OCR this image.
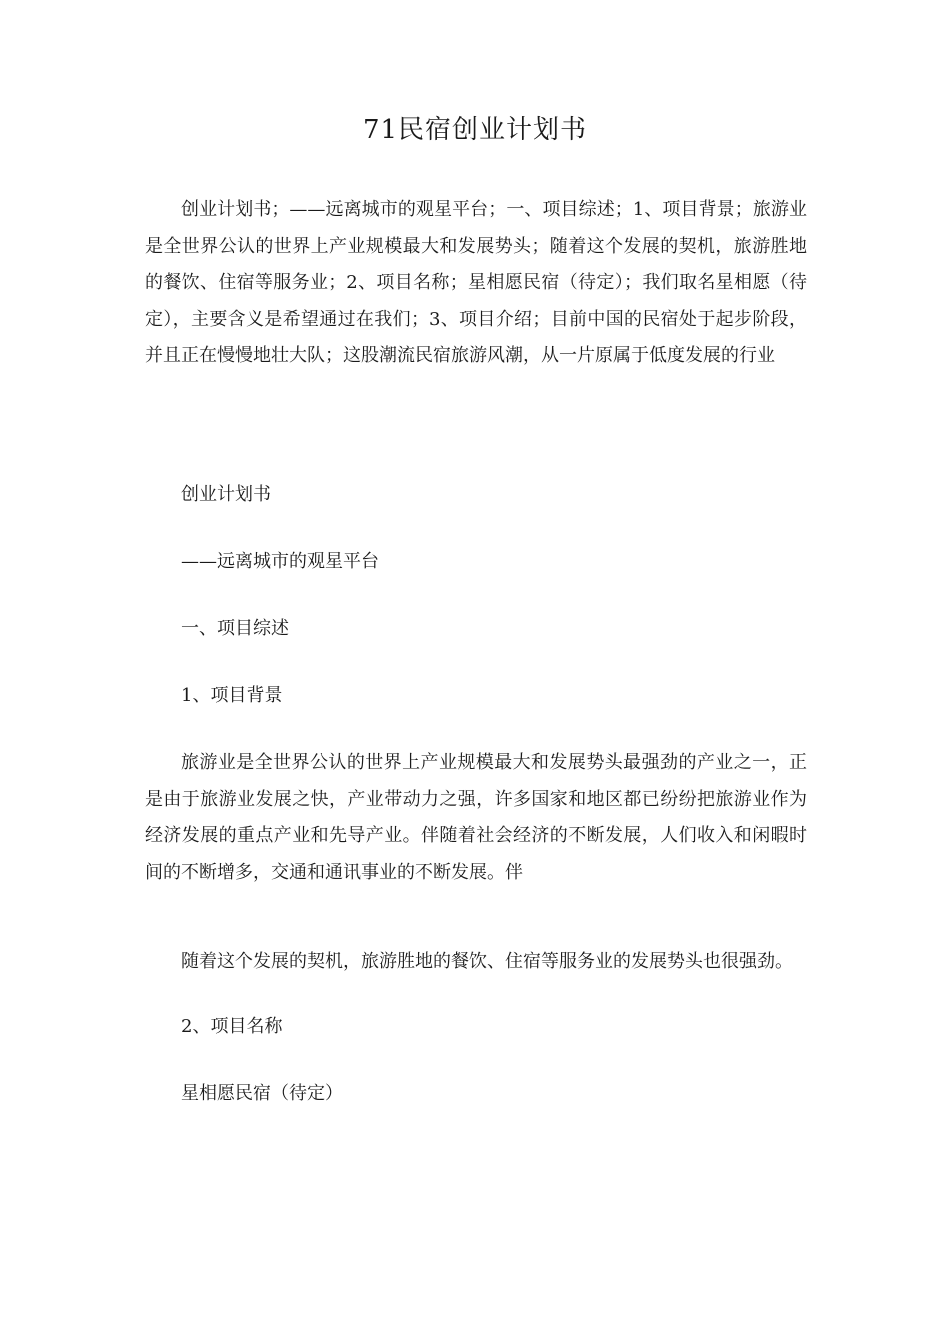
71民宿创业计划书

创业计划书；——远离城市的观星平台；一、项目综述；1、项目背景；旅游业是全世界公认的世界上产业规模最大和发展势头；随着这个发展的契机，旅游胜地的餐饮、住宿等服务业；2、项目名称；星相愿民宿（待定）；我们取名星相愿（待定），主要含义是希望通过在我们；3、项目介绍；目前中国的民宿处于起步阶段，并且正在慢慢地壮大队；这股潮流民宿旅游风潮，从一片原属于低度发展的行业

创业计划书
——远离城市的观星平台
一、项目综述
1、项目背景

旅游业是全世界公认的世界上产业规模最大和发展势头最强劲的产业之一，正是由于旅游业发展之快，产业带动力之强，许多国家和地区都已纷纷把旅游业作为经济发展的重点产业和先导产业。伴随着社会经济的不断发展，人们收入和闲暇时间的不断增多，交通和通讯事业的不断发展。伴

随着这个发展的契机，旅游胜地的餐饮、住宿等服务业的发展势头也很强劲。
2、项目名称
星相愿民宿（待定）
